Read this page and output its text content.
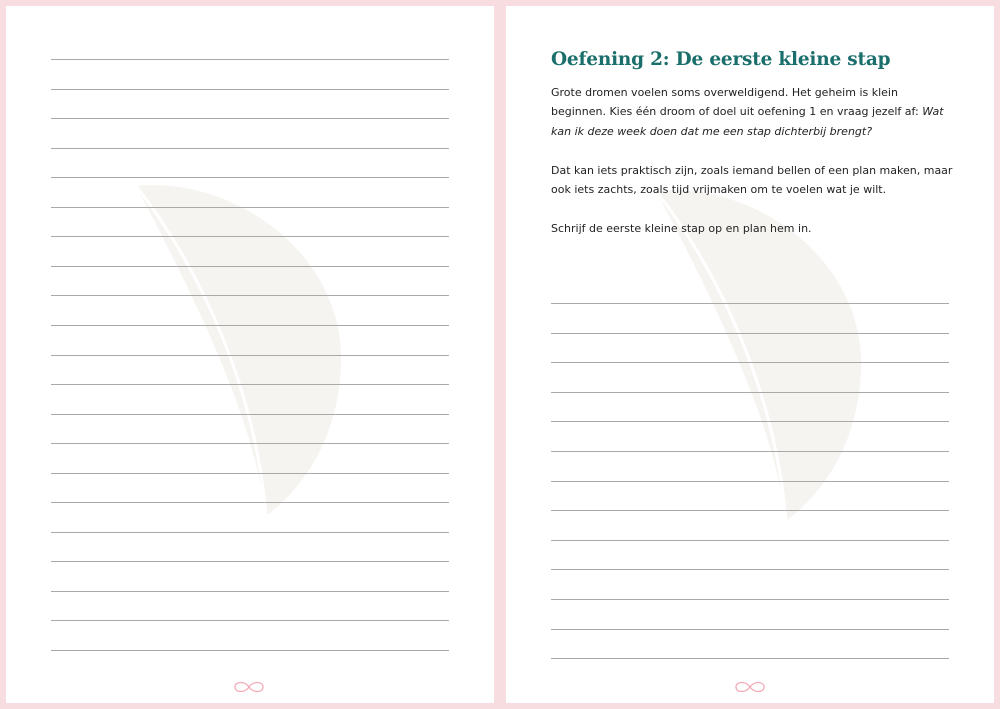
Oefening 2: De eerste kleine stap

Grote dromen voelen soms overweldigend. Het geheim is klein beginnen. Kies één droom of doel uit oefening 1 en vraag jezelf af: Wat kan ik deze week doen dat me een stap dichterbij brengt?

Dat kan iets praktisch zijn, zoals iemand bellen of een plan maken, maar ook iets zachts, zoals tijd vrijmaken om te voelen wat je wilt.

Schrijf de eerste kleine stap op en plan hem in.
